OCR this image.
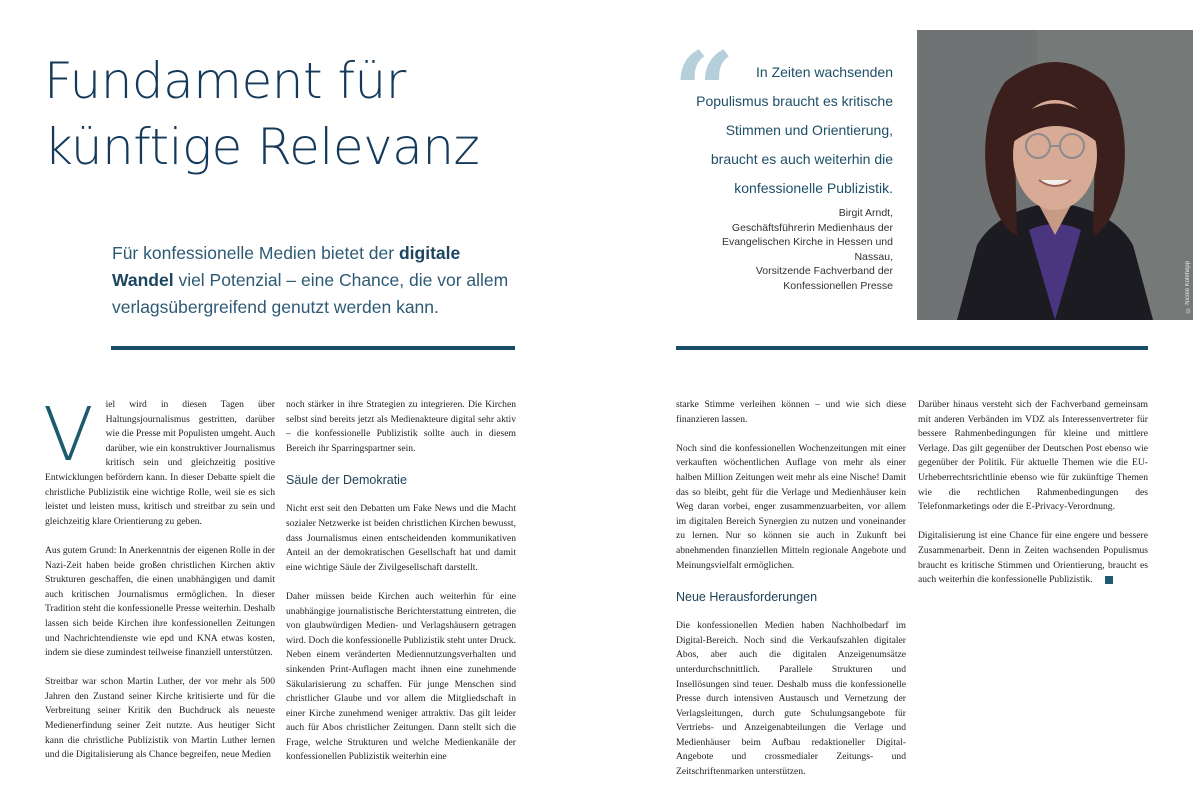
Fundament für künftige Relevanz
Für konfessionelle Medien bietet der digitale Wandel viel Potenzial – eine Chance, die vor allem verlagsübergreifend genutzt werden kann.
“	In Zeiten wachsenden Populismus braucht es kritische Stimmen und Orientierung, braucht es auch weiterhin die konfessionelle Publizistik.
Birgit Arndt,
Geschäftsführerin Medienhaus der Evangelischen Kirche in Hessen und Nassau,
Vorsitzende Fachverband der Konfessionellen Presse	© Nicole Kohlhepp

V iel wird in diesen Tagen über Haltungsjournalismus gestritten, darüber wie die Presse mit Populisten umgeht. Auch darüber, wie ein konstruktiver Journalismus kritisch sein und gleichzeitig positive Entwicklungen befördern kann. In dieser Debatte spielt die christliche Publizistik eine wichtige Rolle, weil sie es sich leistet und leisten muss, kritisch und streitbar zu sein und gleichzeitig klare Orientierung zu geben.

Aus gutem Grund: In Anerkenntnis der eigenen Rolle in der Nazi-Zeit haben beide großen christlichen Kirchen aktiv Strukturen geschaffen, die einen unabhängigen und damit auch kritischen Journalismus ermöglichen. In dieser Tradition steht die konfessionelle Presse weiterhin. Deshalb lassen sich beide Kirchen ihre konfessionellen Zeitungen und Nachrichtendienste wie epd und KNA etwas kosten, indem sie diese zumindest teilweise finanziell unterstützen.

Streitbar war schon Martin Luther, der vor mehr als 500 Jahren den Zustand seiner Kirche kritisierte und für die Verbreitung seiner Kritik den Buchdruck als neueste Medienerfindung seiner Zeit nutzte. Aus heutiger Sicht kann die christliche Publizistik von Martin Luther lernen und die Digitalisierung als Chance begreifen, neue Medien

noch stärker in ihre Strategien zu integrieren. Die Kirchen selbst sind bereits jetzt als Medienakteure digital sehr aktiv – die konfessionelle Publizistik sollte auch in diesem Bereich ihr Sparringspartner sein.

Säule der Demokratie

Nicht erst seit den Debatten um Fake News und die Macht sozialer Netzwerke ist beiden christlichen Kirchen bewusst, dass Journalismus einen entscheidenden kommunikativen Anteil an der demokratischen Gesellschaft hat und damit eine wichtige Säule der Zivilgesellschaft darstellt.

Daher müssen beide Kirchen auch weiterhin für eine unabhängige journalistische Berichterstattung eintreten, die von glaubwürdigen Medien- und Verlagshäusern getragen wird. Doch die konfessionelle Publizistik steht unter Druck. Neben einem veränderten Mediennutzungsverhalten und sinkenden Print-Auflagen macht ihnen eine zunehmende Säkularisierung zu schaffen. Für junge Menschen sind christlicher Glaube und vor allem die Mitgliedschaft in einer Kirche zunehmend weniger attraktiv. Das gilt leider auch für Abos christlicher Zeitungen. Dann stellt sich die Frage, welche Strukturen und welche Medienkanäle der konfessionellen Publizistik weiterhin eine

starke Stimme verleihen können – und wie sich diese finanzieren lassen.

Noch sind die konfessionellen Wochenzeitungen mit einer verkauften wöchentlichen Auflage von mehr als einer halben Million Zeitungen weit mehr als eine Nische! Damit das so bleibt, geht für die Verlage und Medienhäuser kein Weg daran vorbei, enger zusammenzuarbeiten, vor allem im digitalen Bereich Synergien zu nutzen und voneinander zu lernen. Nur so können sie auch in Zukunft bei abnehmenden finanziellen Mitteln regionale Angebote und Meinungsvielfalt ermöglichen.

Neue Herausforderungen

Die konfessionellen Medien haben Nachholbedarf im Digital-Bereich. Noch sind die Verkaufszahlen digitaler Abos, aber auch die digitalen Anzeigenumsätze unterdurchschnittlich. Parallele Strukturen und Insellösungen sind teuer. Deshalb muss die konfessionelle Presse durch intensiven Austausch und Vernetzung der Verlagsleitungen, durch gute Schulungsangebote für Vertriebs- und Anzeigenabteilungen die Verlage und Medienhäuser beim Aufbau redaktioneller Digital-Angebote und crossmedialer Zeitungs- und Zeitschriftenmarken unterstützen.

Darüber hinaus versteht sich der Fachverband gemeinsam mit anderen Verbänden im VDZ als Interessenvertreter für bessere Rahmenbedingungen für kleine und mittlere Verlage. Das gilt gegenüber der Deutschen Post ebenso wie gegenüber der Politik. Für aktuelle Themen wie die EU-Urheberrechtsrichtlinie ebenso wie für zukünftige Themen wie die rechtlichen Rahmenbedingungen des Telefonmarketings oder die E-Privacy-Verordnung.

Digitalisierung ist eine Chance für eine engere und bessere Zusammenarbeit. Denn in Zeiten wachsenden Populismus braucht es kritische Stimmen und Orientierung, braucht es auch weiterhin die konfessionelle Publizistik.
